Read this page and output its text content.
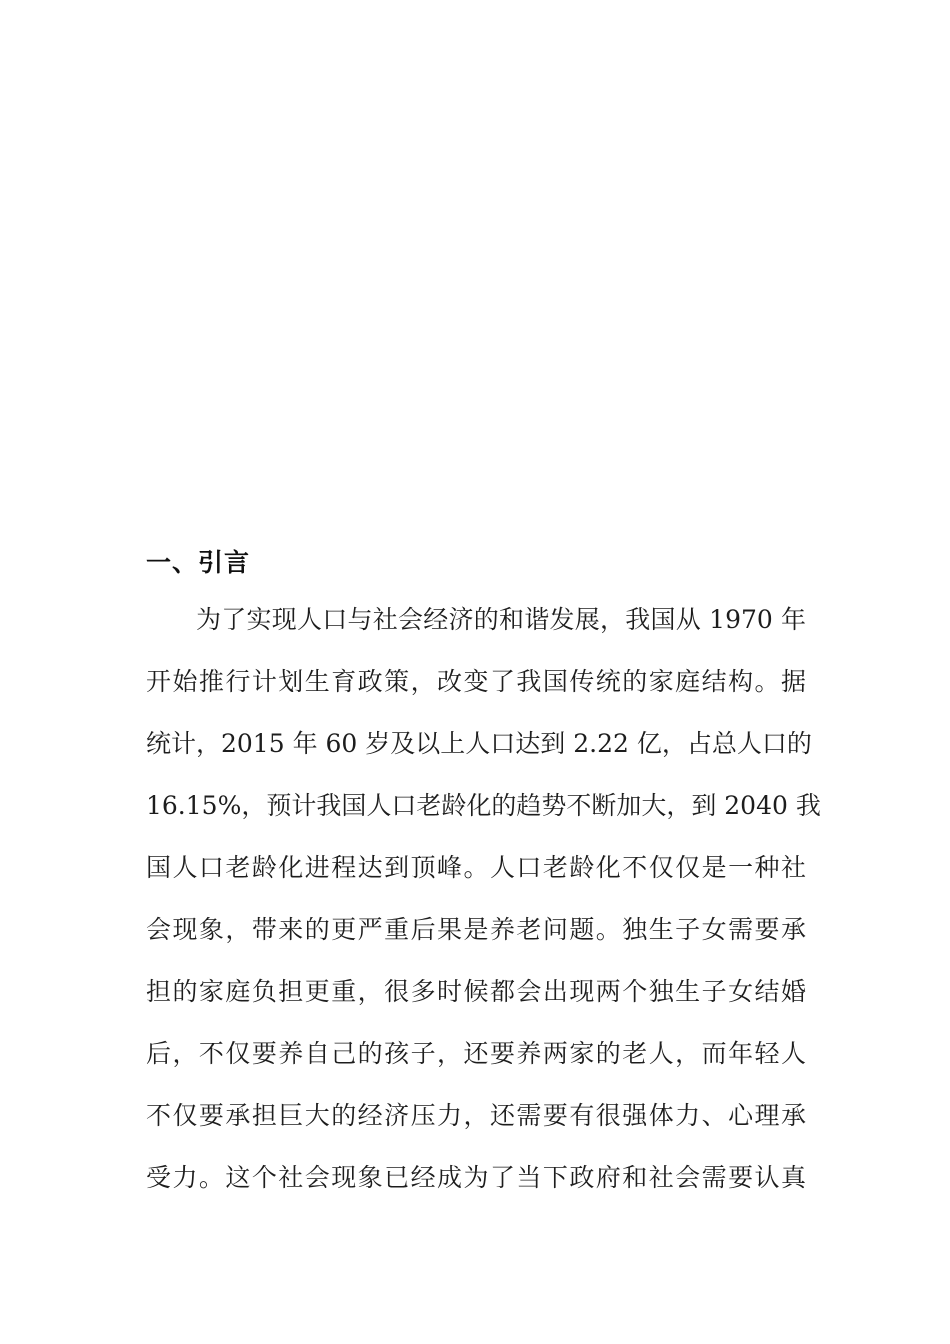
一、引言
为了实现人口与社会经济的和谐发展，我国从 1970 年
开始推行计划生育政策，改变了我国传统的家庭结构。据
统计，2015 年 60 岁及以上人口达到 2.22 亿，占总人口的
16.15%，预计我国人口老龄化的趋势不断加大，到 2040 我
国人口老龄化进程达到顶峰。人口老龄化不仅仅是一种社
会现象，带来的更严重后果是养老问题。独生子女需要承
担的家庭负担更重，很多时候都会出现两个独生子女结婚
后，不仅要养自己的孩子，还要养两家的老人，而年轻人
不仅要承担巨大的经济压力，还需要有很强体力、心理承
受力。这个社会现象已经成为了当下政府和社会需要认真
